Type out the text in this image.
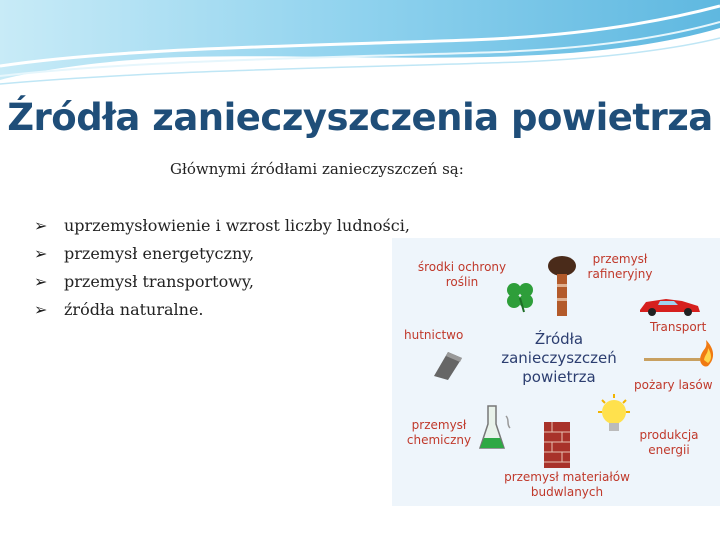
Źródła zanieczyszczenia powietrza
Głównymi źródłami zanieczyszczeń są:
➢ uprzemysłowienie i wzrost liczby ludności,
➢ przemysł energetyczny,
➢ przemysł transportowy,
➢ źródła naturalne.
środki ochrony roślin
przemysł rafineryjny
hutnictwo
Transport
pożary lasów
przemysł chemiczny	produkcja energii
przemysł materiałów budwlanych
Źródła zanieczyszczeń powietrza
